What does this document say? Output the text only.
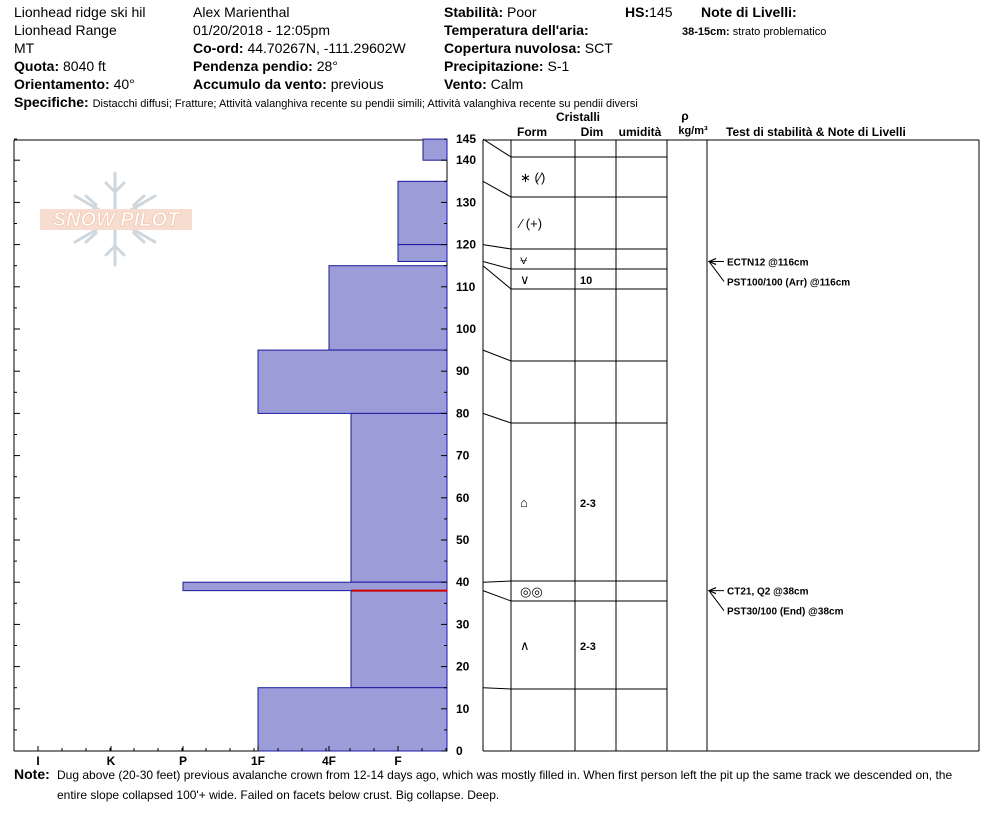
Lionhead ridge ski hil
Lionhead Range
MT
Quota: 8040 ft
Orientamento: 40°
Alex Marienthal
01/20/2018 - 12:05pm
Co-ord: 44.70267N, -111.29602W
Pendenza pendio: 28°
Accumulo da vento: previous
Stabilità: Poor
Temperatura dell'aria:
Copertura nuvolosa: SCT
Precipitazione: S-1
Vento: Calm
HS:145 Note di Livelli:
38-15cm: strato problematico
Specifiche: Distacchi diffusi; Fratture; Attività valanghiva recente su pendii simili; Attività valanghiva recente su pendii diversi
SNOW PILOT
I	K	P	1F	4F	F
0
10
20
30
40
50
60
70
80
90
100
110
120
130
140
145
Cristalli
Form	Dim umidità
ρ
kg/m³ Test di stabilità & Note di Livelli
∗ (⁄)
⁄ (+)
⩝
∨	10
⌂	2-3
◎◎
∧	2-3
CT21, Q2 @38cm
PST30/100 (End) @38cm
ECTN12 @116cm
PST100/100 (Arr) @116cm
Note: Dug above (20-30 feet) previous avalanche crown from 12-14 days ago, which was mostly filled in. When first person left the pit up the same track we descended on, the
entire slope collapsed 100'+ wide. Failed on facets below crust. Big collapse. Deep.
